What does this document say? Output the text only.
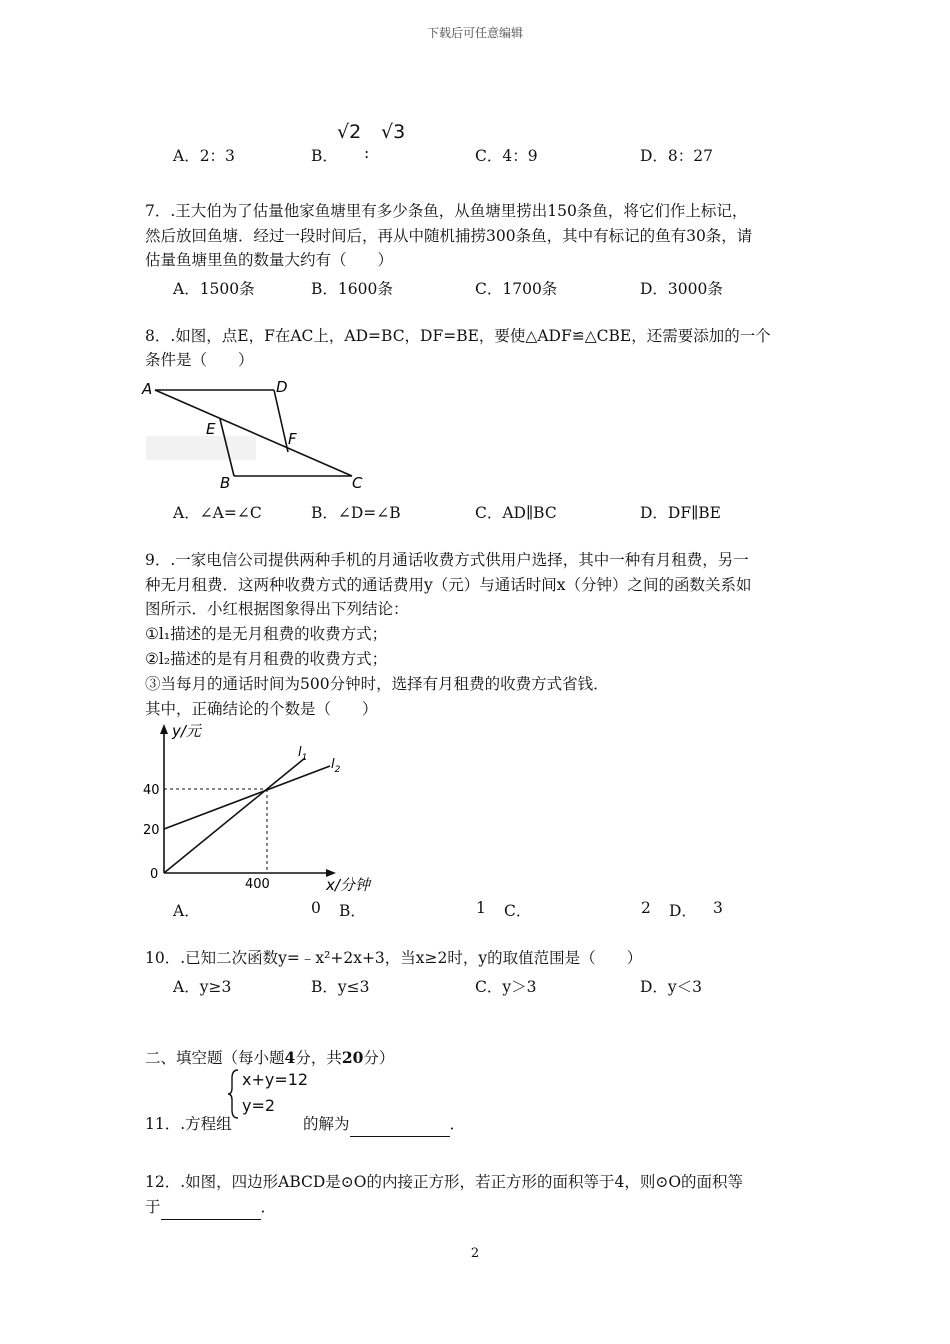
下载后可任意编辑
A．2：3	B．
√2
:
√3
C．4：9	D．8：27
7．.王大伯为了估量他家鱼塘里有多少条鱼，从鱼塘里捞出150条鱼，将它们作上标记，
然后放回鱼塘．经过一段时间后，再从中随机捕捞300条鱼，其中有标记的鱼有30条，请
估量鱼塘里鱼的数量大约有（　　）
A．1500条	B．1600条	C．1700条	D．3000条
8．.如图，点E，F在AC上，AD=BC，DF=BE，要使△ADF≌△CBE，还需要添加的一个
条件是（　　）
A	D
E
F
B	C
A．∠A=∠C	B．∠D=∠B	C．AD∥BC	D．DF∥BE
9．.一家电信公司提供两种手机的月通话收费方式供用户选择，其中一种有月租费，另一
种无月租费．这两种收费方式的通话费用y（元）与通话时间x（分钟）之间的函数关系如
图所示．小红根据图象得出下列结论：
①l₁描述的是无月租费的收费方式；
②l₂描述的是有月租费的收费方式；
③当每月的通话时间为500分钟时，选择有月租费的收费方式省钱．
其中，正确结论的个数是（　　）
y/元
x/分钟
40
20
0
400
$l_1$ $l_2$
A．	0 B．	1 C．	2 D． 3
10．.已知二次函数y=﹣x²+2x+3，当x≥2时，y的取值范围是（　　）
A．y≥3	B．y≤3	C．y＞3	D．y＜3
二、填空题（每小题4分，共20分）
x+y=12
y=2
11．.方程组	的解为	．
12．.如图，四边形ABCD是⊙O的内接正方形，若正方形的面积等于4，则⊙O的面积等
于	．
2
